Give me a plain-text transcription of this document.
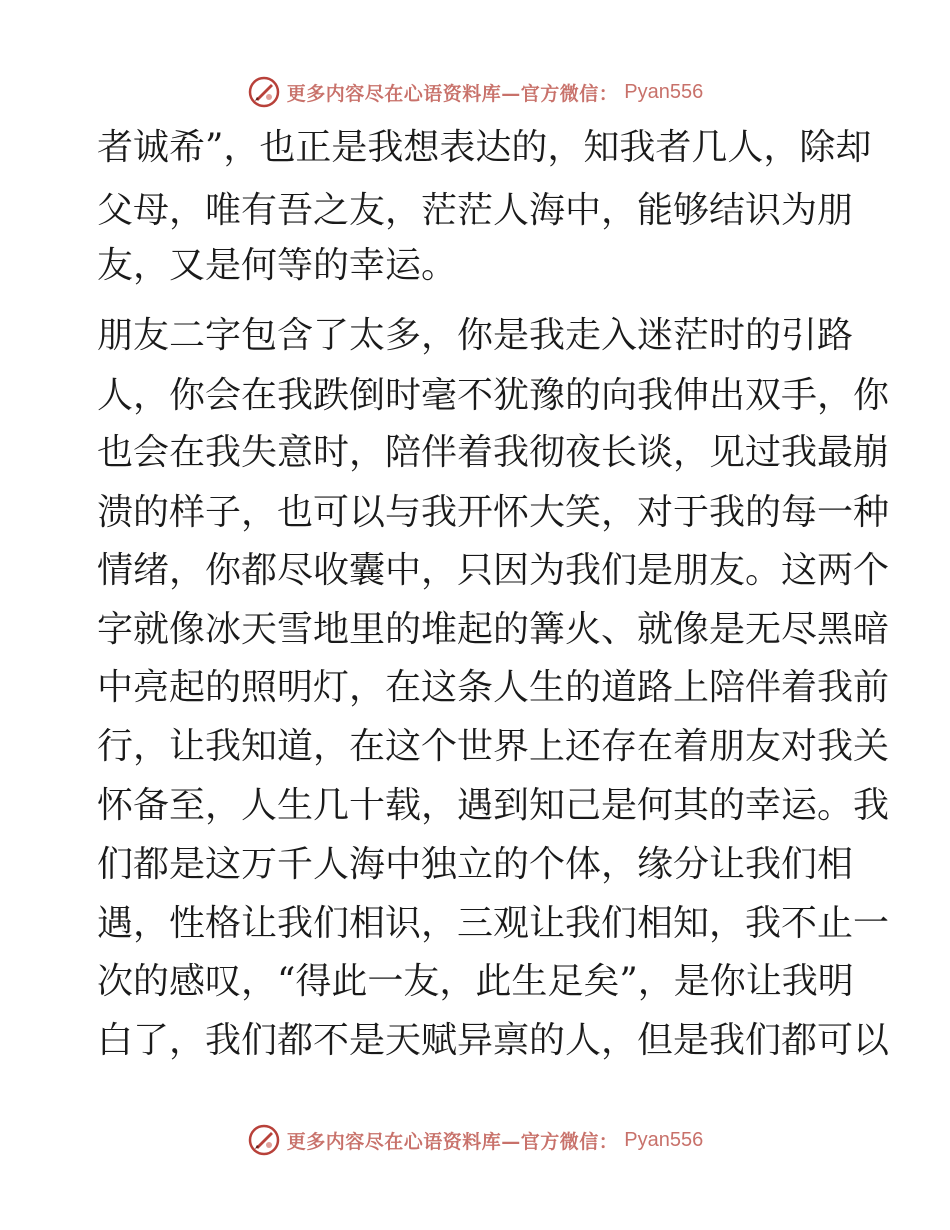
更多内容尽在心语资料库—官方微信： Pyan556
者诚希”，也正是我想表达的，知我者几人，除却
父母，唯有吾之友，茫茫人海中，能够结识为朋
友，又是何等的幸运。
朋友二字包含了太多，你是我走入迷茫时的引路
人，你会在我跌倒时毫不犹豫的向我伸出双手，你
也会在我失意时，陪伴着我彻夜长谈，见过我最崩
溃的样子，也可以与我开怀大笑，对于我的每一种
情绪，你都尽收囊中，只因为我们是朋友。这两个
字就像冰天雪地里的堆起的篝火、就像是无尽黑暗
中亮起的照明灯，在这条人生的道路上陪伴着我前
行，让我知道，在这个世界上还存在着朋友对我关
怀备至，人生几十载，遇到知己是何其的幸运。我
们都是这万千人海中独立的个体，缘分让我们相
遇，性格让我们相识，三观让我们相知，我不止一
次的感叹，“得此一友，此生足矣”，是你让我明
白了，我们都不是天赋异禀的人，但是我们都可以
更多内容尽在心语资料库—官方微信： Pyan556
